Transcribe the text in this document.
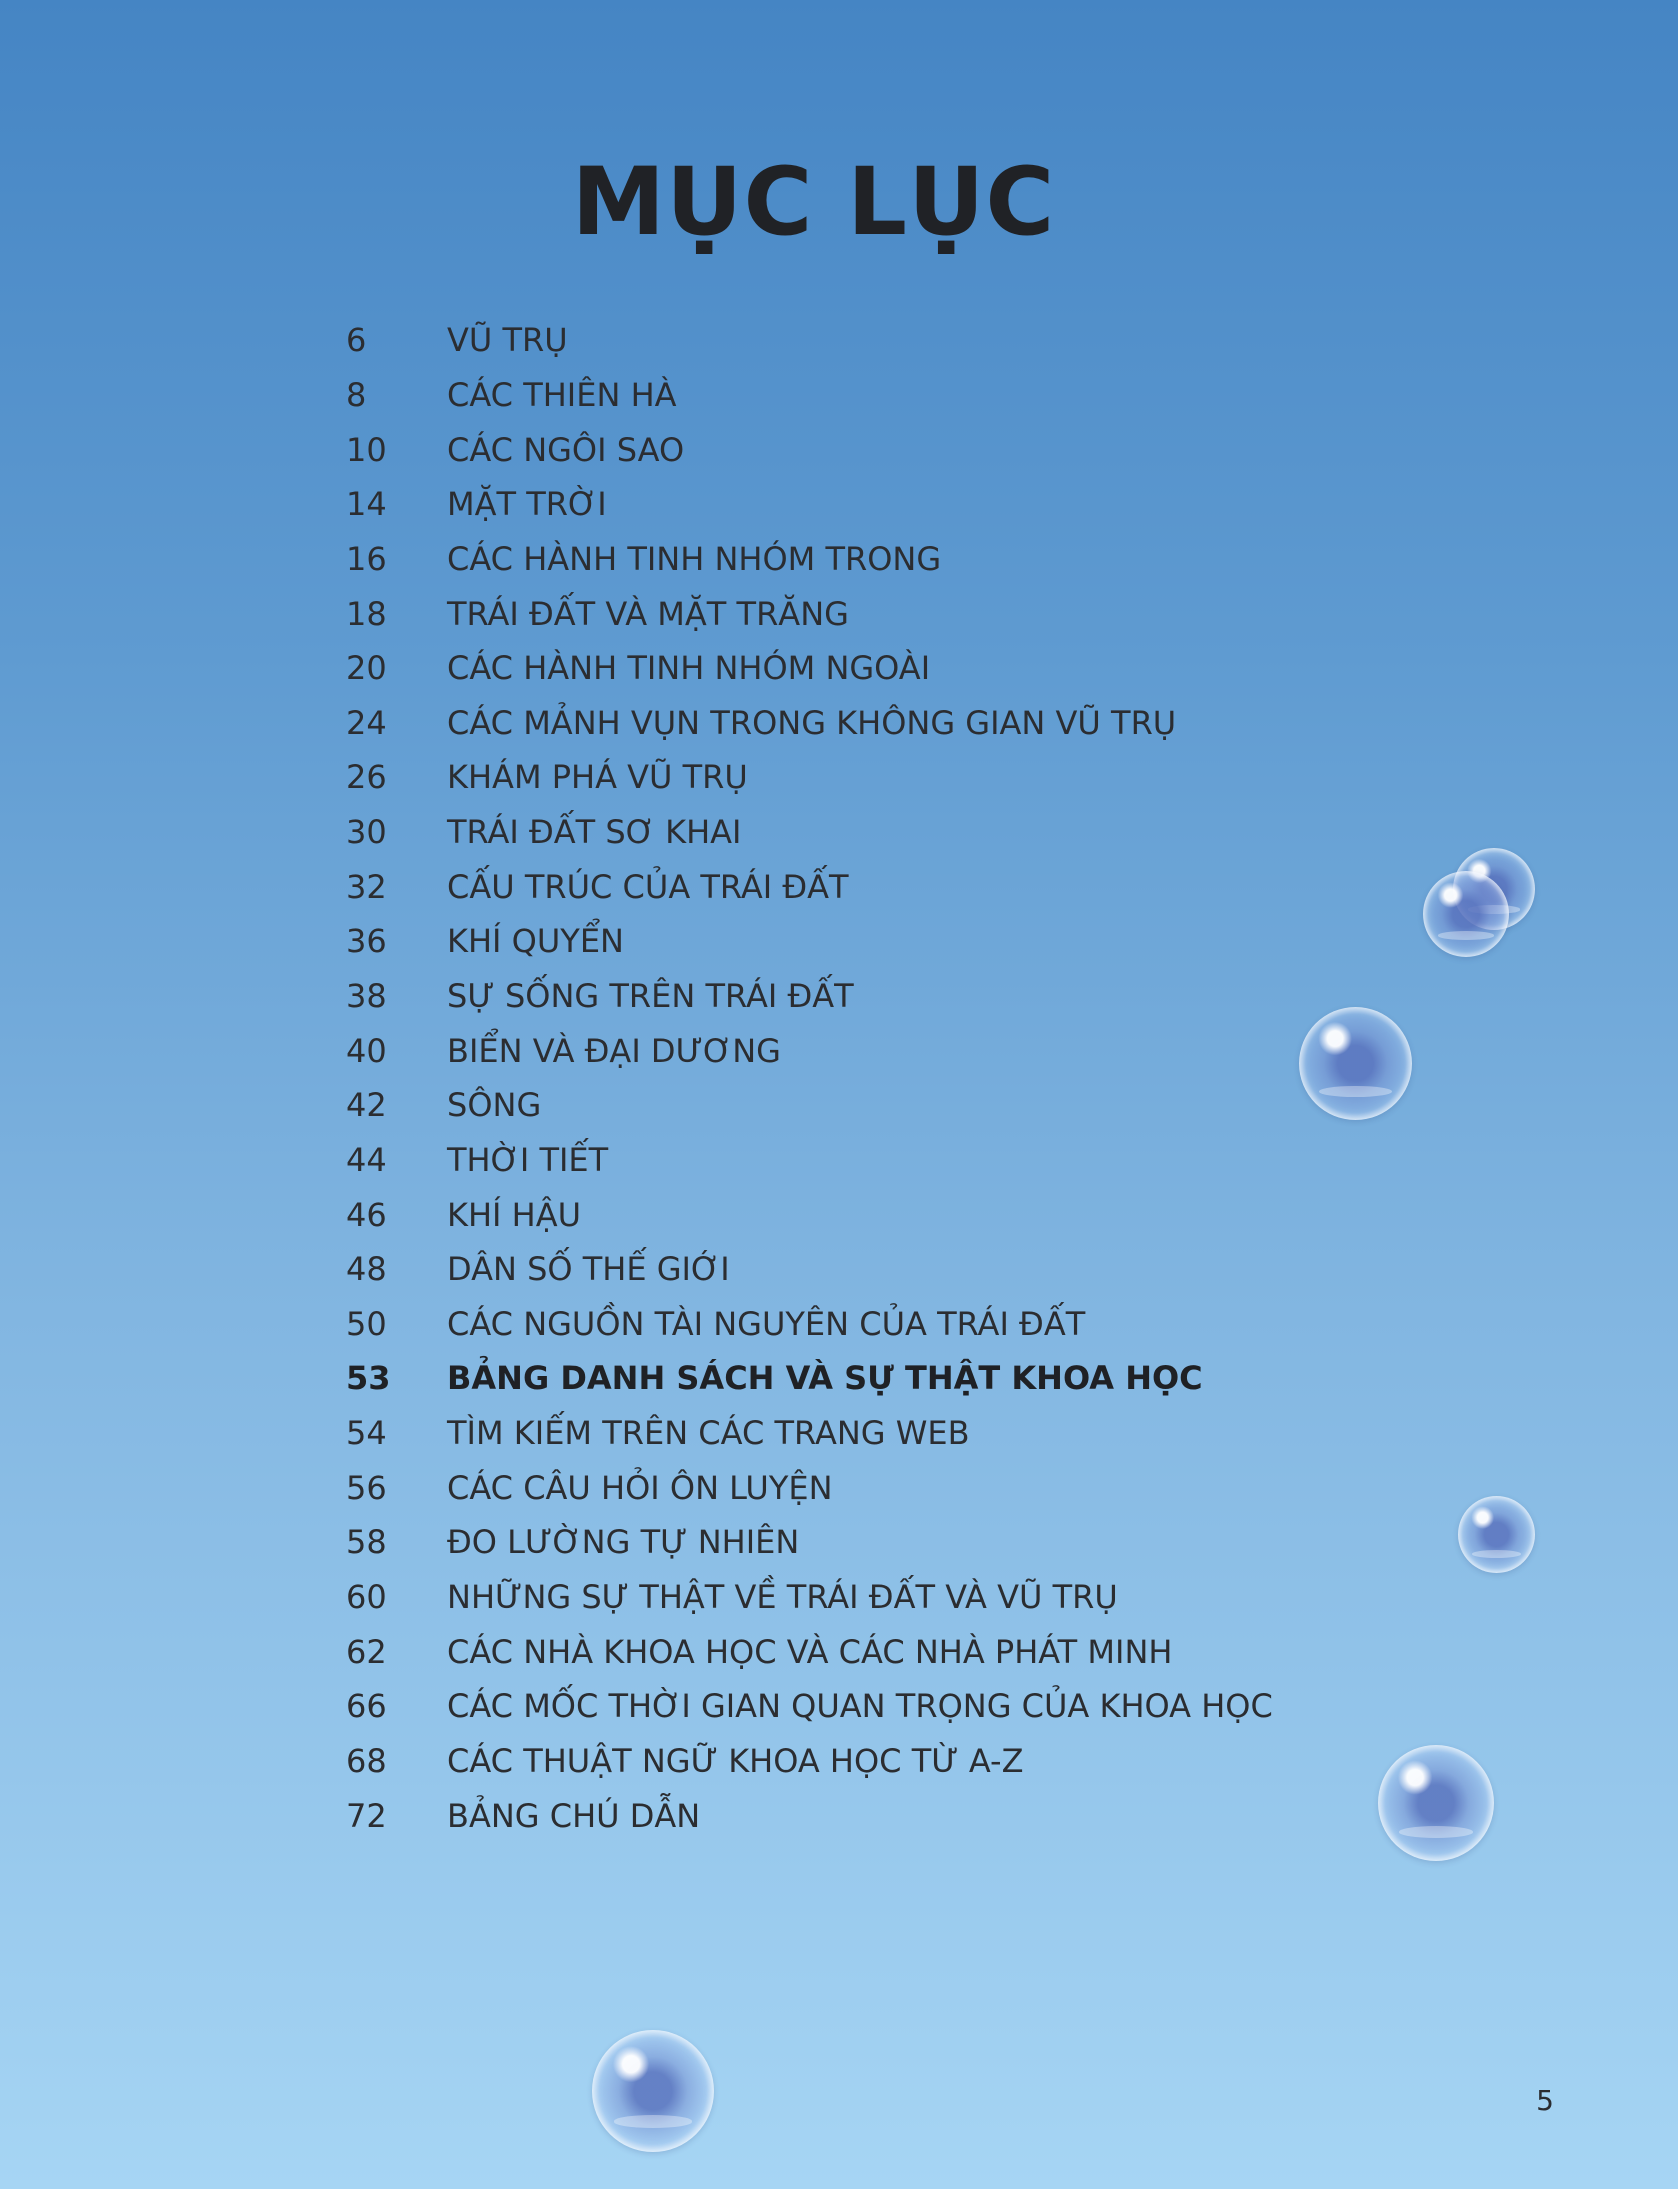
MỤC LỤC
6	VŨ TRỤ
8	CÁC THIÊN HÀ
10	CÁC NGÔI SAO
14	MẶT TRỜI
16	CÁC HÀNH TINH NHÓM TRONG
18	TRÁI ĐẤT VÀ MẶT TRĂNG
20	CÁC HÀNH TINH NHÓM NGOÀI
24	CÁC MẢNH VỤN TRONG KHÔNG GIAN VŨ TRỤ
26	KHÁM PHÁ VŨ TRỤ
30	TRÁI ĐẤT SƠ KHAI
32	CẤU TRÚC CỦA TRÁI ĐẤT
36	KHÍ QUYỂN
38	SỰ SỐNG TRÊN TRÁI ĐẤT
40	BIỂN VÀ ĐẠI DƯƠNG
42	SÔNG
44	THỜI TIẾT
46	KHÍ HẬU
48	DÂN SỐ THẾ GIỚI
50	CÁC NGUỒN TÀI NGUYÊN CỦA TRÁI ĐẤT
53	BẢNG DANH SÁCH VÀ SỰ THẬT KHOA HỌC
54	TÌM KIẾM TRÊN CÁC TRANG WEB
56	CÁC CÂU HỎI ÔN LUYỆN
58	ĐO LƯỜNG TỰ NHIÊN
60	NHỮNG SỰ THẬT VỀ TRÁI ĐẤT VÀ VŨ TRỤ
62	CÁC NHÀ KHOA HỌC VÀ CÁC NHÀ PHÁT MINH
66	CÁC MỐC THỜI GIAN QUAN TRỌNG CỦA KHOA HỌC
68	CÁC THUẬT NGỮ KHOA HỌC TỪ A-Z
72	BẢNG CHÚ DẪN
5
